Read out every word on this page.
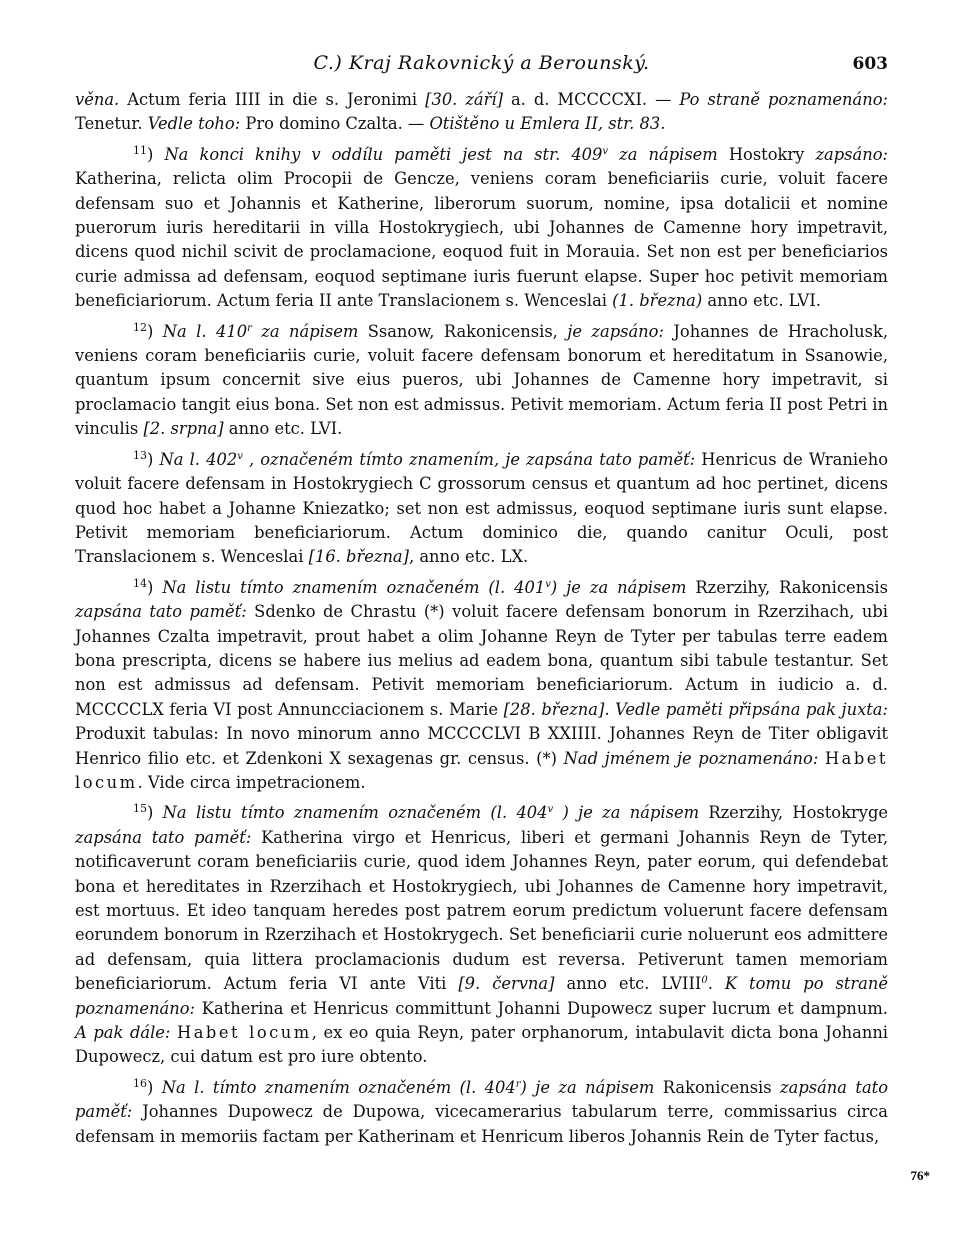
C.) Kraj Rakovnický a Berounský.	603

věna. Actum feria IIII in die s. Jeronimi [30. září] a. d. MCCCCXI. — Po straně poznamenáno: Tenetur. Vedle toho: Pro domino Czalta. — Otištěno u Emlera II, str. 83.

$^{11}$) Na konci knihy v oddílu paměti jest na str. 409$^v$ za nápisem Hostokry zapsáno: Katherina, relicta olim Procopii de Gencze, veniens coram beneficiariis curie, voluit facere defensam suo et Johannis et Katherine, liberorum suorum, nomine, ipsa dotalicii et nomine puerorum iuris hereditarii in villa Hostokrygiech, ubi Johannes de Camenne hory impetravit, dicens quod nichil scivit de proclamacione, eoquod fuit in Morauia. Set non est per beneficiarios curie admissa ad defensam, eoquod septimane iuris fuerunt elapse. Super hoc petivit memoriam beneficiariorum. Actum feria II ante Translacionem s. Wenceslai (1. března) anno etc. LVI.

$^{12}$) Na l. 410$^r$ za nápisem Ssanow, Rakonicensis, je zapsáno: Johannes de Hracholusk, veniens coram beneficiariis curie, voluit facere defensam bonorum et hereditatum in Ssanowie, quantum ipsum concernit sive eius pueros, ubi Johannes de Camenne hory impetravit, si proclamacio tangit eius bona. Set non est admissus. Petivit memoriam. Actum feria II post Petri in vinculis [2. srpna] anno etc. LVI.

$^{13}$) Na l. 402$^v$ , označeném tímto znamením, je zapsána tato paměť: Henricus de Wranieho voluit facere defensam in Hostokrygiech C grossorum census et quantum ad hoc pertinet, dicens quod hoc habet a Johanne Kniezatko; set non est admissus, eoquod septimane iuris sunt elapse. Petivit memoriam beneficiariorum. Actum dominico die, quando canitur Oculi, post Translacionem s. Wenceslai [16. března], anno etc. LX.

$^{14}$) Na listu tímto znamením označeném (l. 401$^v$) je za nápisem Rzerzihy, Rakonicensis zapsána tato paměť: Sdenko de Chrastu (*) voluit facere defensam bonorum in Rzerzihach, ubi Johannes Czalta impetravit, prout habet a olim Johanne Reyn de Tyter per tabulas terre eadem bona prescripta, dicens se habere ius melius ad eadem bona, quantum sibi tabule testantur. Set non est admissus ad defensam. Petivit memoriam beneficiariorum. Actum in iudicio a. d. MCCCCLX feria VI post Annuncciacionem s. Marie [28. března]. Vedle paměti připsána pak juxta: Produxit tabulas: In novo minorum anno MCCCCLVI B XXIIII. Johannes Reyn de Titer obligavit Henrico filio etc. et Zdenkoni X sexagenas gr. census. (*) Nad jménem je poznamenáno: Habet locum. Vide circa impetracionem.

$^{15}$) Na listu tímto znamením označeném (l. 404$^v$ ) je za nápisem Rzerzihy, Hostokryge zapsána tato paměť: Katherina virgo et Henricus, liberi et germani Johannis Reyn de Tyter, notificaverunt coram beneficiariis curie, quod idem Johannes Reyn, pater eorum, qui defendebat bona et hereditates in Rzerzihach et Hostokrygiech, ubi Johannes de Camenne hory impetravit, est mortuus. Et ideo tanquam heredes post patrem eorum predictum voluerunt facere defensam eorundem bonorum in Rzerzihach et Hostokrygech. Set beneficiarii curie noluerunt eos admittere ad defensam, quia littera proclamacionis dudum est reversa. Petiverunt tamen memoriam beneficiariorum. Actum feria VI ante Viti [9. června] anno etc. LVIII$^0$. K tomu po straně poznamenáno: Katherina et Henricus committunt Johanni Dupowecz super lucrum et dampnum. A pak dále: Habet locum, ex eo quia Reyn, pater orphanorum, intabulavit dicta bona Johanni Dupowecz, cui datum est pro iure obtento.

$^{16}$) Na l. tímto znamením označeném (l. 404$^r$) je za nápisem Rakonicensis zapsána tato paměť: Johannes Dupowecz de Dupowa, vicecamerarius tabularum terre, commissarius circa defensam in memoriis factam per Katherinam et Henricum liberos Johannis Rein de Tyter factus,

76*
